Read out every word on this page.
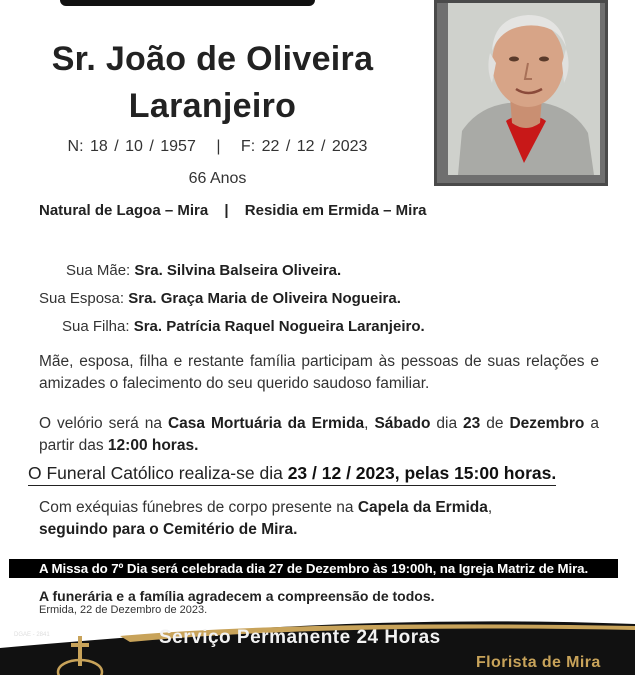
Sr. João de Oliveira
Laranjeiro
N: 18 / 10 / 1957 | F: 22 / 12 / 2023
66 Anos
Natural de Lagoa – Mira | Residia em Ermida – Mira
Sua Mãe: Sra. Silvina Balseira Oliveira.
Sua Esposa: Sra. Graça Maria de Oliveira Nogueira.
Sua Filha: Sra. Patrícia Raquel Nogueira Laranjeiro.
Mãe, esposa, filha e restante família participam às pessoas de suas relações e amizades o falecimento do seu querido saudoso familiar.
O velório será na Casa Mortuária da Ermida, Sábado dia 23 de Dezembro a partir das 12:00 horas.
O Funeral Católico realiza-se dia 23 / 12 / 2023, pelas 15:00 horas.
Com exéquias fúnebres de corpo presente na Capela da Ermida,
seguindo para o Cemitério de Mira.
A Missa do 7º Dia será celebrada dia 27 de Dezembro às 19:00h, na Igreja Matriz de Mira.
A funerária e a família agradecem a compreensão de todos.
Ermida, 22 de Dezembro de 2023.
DGAE - 2841	Serviço Permanente 24 Horas
Florista de Mira
